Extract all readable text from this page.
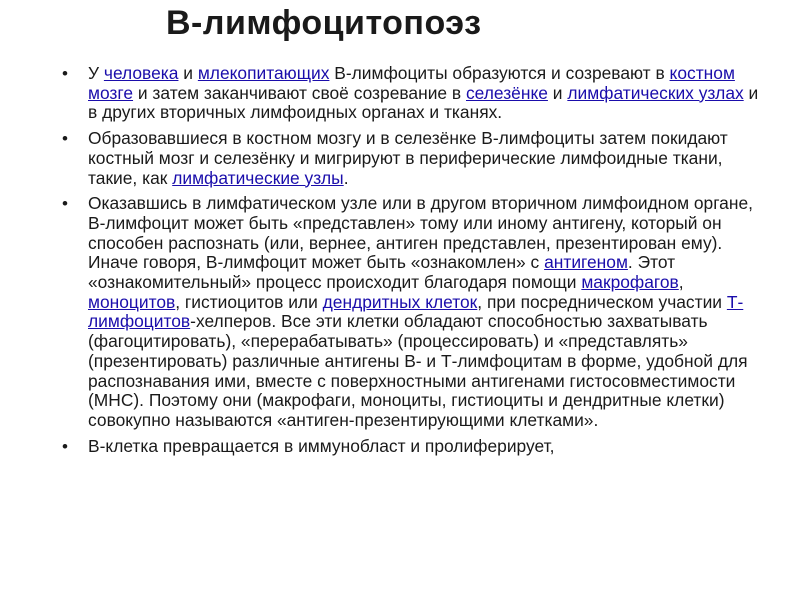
В-лимфоцитопоэз
• У человека и млекопитающих В-лимфоциты образуются и созревают в костном мозге и затем заканчивают своё созревание в селезёнке и лимфатических узлах и в других вторичных лимфоидных органах и тканях.
• Образовавшиеся в костном мозгу и в селезёнке В-лимфоциты затем покидают костный мозг и селезёнку и мигрируют в периферические лимфоидные ткани, такие, как лимфатические узлы.
• Оказавшись в лимфатическом узле или в другом вторичном лимфоидном органе, В-лимфоцит может быть «представлен» тому или иному антигену, который он способен распознать (или, вернее, антиген представлен, презентирован ему). Иначе говоря, В-лимфоцит может быть «ознакомлен» с антигеном. Этот «ознакомительный» процесс происходит благодаря помощи макрофагов, моноцитов, гистиоцитов или дендритных клеток, при посредническом участии Т-лимфоцитов-хелперов. Все эти клетки обладают способностью захватывать (фагоцитировать), «перерабатывать» (процессировать) и «представлять» (презентировать) различные антигены В- и Т-лимфоцитам в форме, удобной для распознавания ими, вместе с поверхностными антигенами гистосовместимости (MHC). Поэтому они (макрофаги, моноциты, гистиоциты и дендритные клетки) совокупно называются «антиген-презентирующими клетками».
• В-клетка превращается в иммунобласт и пролиферирует,
